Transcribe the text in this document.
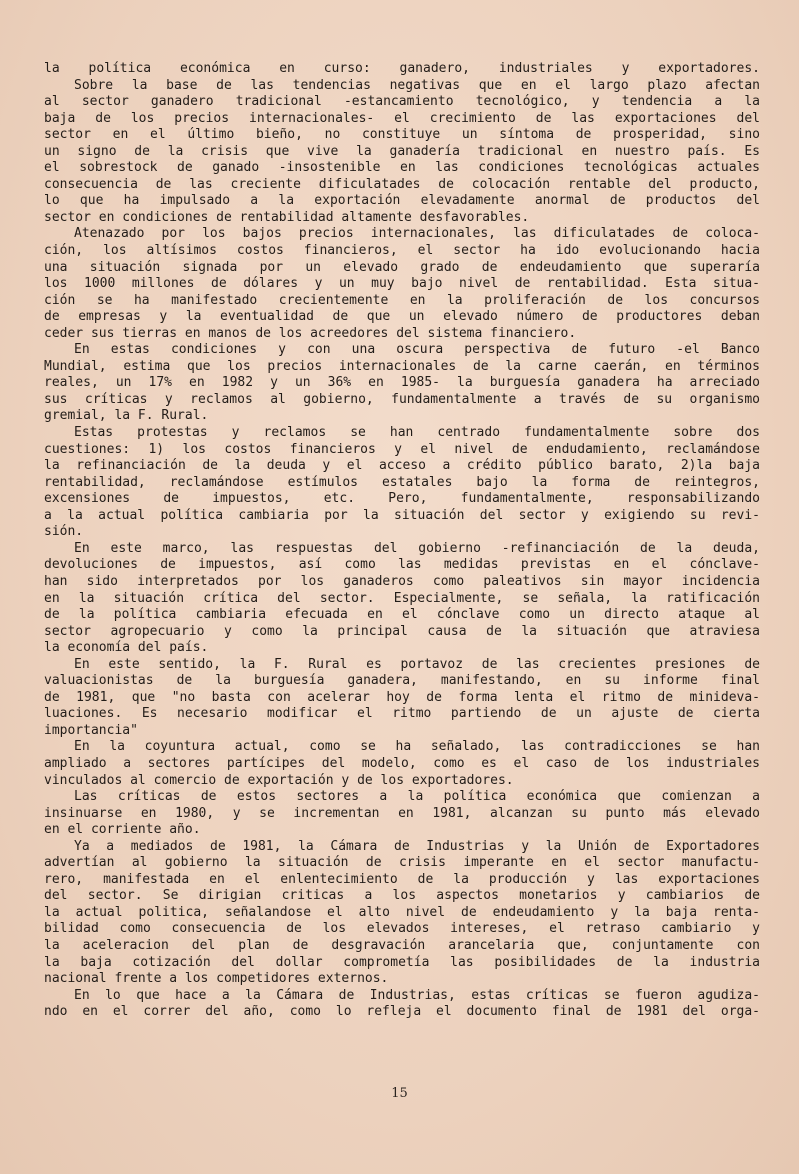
la política económica en curso: ganadero, industriales y exportadores.
Sobre la base de las tendencias negativas que en el largo plazo afectan
al sector ganadero tradicional -estancamiento tecnológico, y tendencia a la
baja de los precios internacionales- el crecimiento de las exportaciones del
sector en el último bieño, no constituye un síntoma de prosperidad, sino
un signo de la crisis que vive la ganadería tradicional en nuestro país. Es
el sobrestock de ganado -insostenible en las condiciones tecnológicas actuales
consecuencia de las creciente dificulatades de colocación rentable del producto,
lo que ha impulsado a la exportación elevadamente anormal de productos del
sector en condiciones de rentabilidad altamente desfavorables.
Atenazado por los bajos precios internacionales, las dificulatades de coloca-
ción, los altísimos costos financieros, el sector ha ido evolucionando hacia
una situación signada por un elevado grado de endeudamiento que superaría
los 1000 millones de dólares y un muy bajo nivel de rentabilidad. Esta situa-
ción se ha manifestado crecientemente en la proliferación de los concursos
de empresas y la eventualidad de que un elevado número de productores deban
ceder sus tierras en manos de los acreedores del sistema financiero.
En estas condiciones y con una oscura perspectiva de futuro -el Banco
Mundial, estima que los precios internacionales de la carne caerán, en términos
reales, un 17% en 1982 y un 36% en 1985- la burguesía ganadera ha arreciado
sus críticas y reclamos al gobierno, fundamentalmente a través de su organismo
gremial, la F. Rural.
Estas protestas y reclamos se han centrado fundamentalmente sobre dos
cuestiones: 1) los costos financieros y el nivel de endudamiento, reclamándose
la refinanciación de la deuda y el acceso a crédito público barato, 2)la baja
rentabilidad, reclamándose estímulos estatales bajo la forma de reintegros,
excensiones de impuestos, etc. Pero, fundamentalmente, responsabilizando
a la actual política cambiaria por la situación del sector y exigiendo su revi-
sión.
En este marco, las respuestas del gobierno -refinanciación de la deuda,
devoluciones de impuestos, así como las medidas previstas en el cónclave-
han sido interpretados por los ganaderos como paleativos sin mayor incidencia
en la situación crítica del sector. Especialmente, se señala, la ratificación
de la política cambiaria efecuada en el cónclave como un directo ataque al
sector agropecuario y como la principal causa de la situación que atraviesa
la economía del país.
En este sentido, la F. Rural es portavoz de las crecientes presiones de
valuacionistas de la burguesía ganadera, manifestando, en su informe final
de 1981, que "no basta con acelerar hoy de forma lenta el ritmo de minideva-
luaciones. Es necesario modificar el ritmo partiendo de un ajuste de cierta
importancia"
En la coyuntura actual, como se ha señalado, las contradicciones se han
ampliado a sectores partícipes del modelo, como es el caso de los industriales
vinculados al comercio de exportación y de los exportadores.
Las críticas de estos sectores a la política económica que comienzan a
insinuarse en 1980, y se incrementan en 1981, alcanzan su punto más elevado
en el corriente año.
Ya a mediados de 1981, la Cámara de Industrias y la Unión de Exportadores
advertían al gobierno la situación de crisis imperante en el sector manufactu-
rero, manifestada en el enlentecimiento de la producción y las exportaciones
del sector. Se dirigian criticas a los aspectos monetarios y cambiarios de
la actual politica, señalandose el alto nivel de endeudamiento y la baja renta-
bilidad como consecuencia de los elevados intereses, el retraso cambiario y
la aceleracion del plan de desgravación arancelaria que, conjuntamente con
la baja cotización del dollar comprometía las posibilidades de la industria
nacional frente a los competidores externos.
En lo que hace a la Cámara de Industrias, estas críticas se fueron agudiza-
ndo en el correr del año, como lo refleja el documento final de 1981 del orga-
15
